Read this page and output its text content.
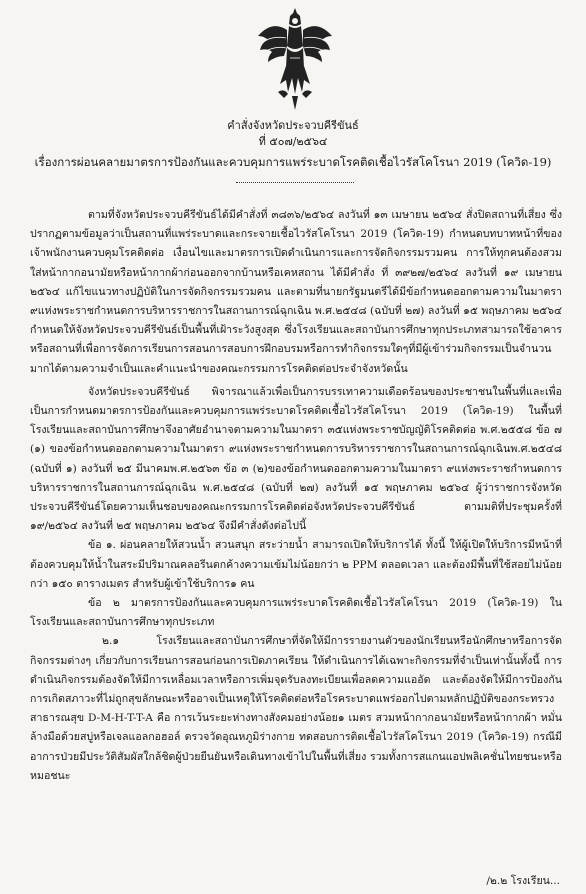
คำสั่งจังหวัดประจวบคีรีขันธ์
ที่ ๕๐๗/๒๕๖๔
เรื่องการผ่อนคลายมาตรการป้องกันและควบคุมการแพร่ระบาดโรคติดเชื้อไวรัสโคโรนา 2019 (โควิด-19)

ตามที่จังหวัดประจวบคีรีขันธ์ได้มีคำสั่งที่ ๓๘๓๖/๒๕๖๔ ลงวันที่ ๑๓ เมษายน ๒๕๖๔ สั่งปิดสถานที่เสี่ยง ซึ่งปรากฏตามข้อมูลว่าเป็นสถานที่แพร่ระบาดและกระจายเชื้อไวรัสโคโรนา 2019 (โควิด-19) กำหนดบทบาทหน้าที่ของเจ้าพนักงานควบคุมโรคติดต่อ เงื่อนไขและมาตรการเปิดดำเนินการและการจัดกิจกรรมรวมคน การให้ทุกคนต้องสวมใส่หน้ากากอนามัยหรือหน้ากากผ้าก่อนออกจากบ้านหรือเคหสถาน ได้มีคำสั่ง ที่ ๓๙๒๗/๒๕๖๔ ลงวันที่ ๑๙ เมษายน ๒๕๖๔ แก้ไขแนวทางปฏิบัติในการจัดกิจกรรมรวมคน และตามที่นายกรัฐมนตรีได้มีข้อกำหนดออกตามความในมาตรา ๙แห่งพระราชกำหนดการบริหารราชการในสถานการณ์ฉุกเฉิน พ.ศ.๒๕๔๘ (ฉบับที่ ๒๗) ลงวันที่ ๑๕ พฤษภาคม ๒๕๖๔ กำหนดให้จังหวัดประจวบคีรีขันธ์เป็นพื้นที่เฝ้าระวังสูงสุด ซึ่งโรงเรียนและสถาบันการศึกษาทุกประเภทสามารถใช้อาคารหรือสถานที่เพื่อการจัดการเรียนการสอนการสอบการฝึกอบรมหรือการทำกิจกรรมใดๆที่มีผู้เข้าร่วมกิจกรรมเป็นจำนวนมากได้ตามความจำเป็นและคำแนะนำของคณะกรรมการโรคติดต่อประจำจังหวัดนั้น

จังหวัดประจวบคีรีขันธ์ พิจารณาแล้วเพื่อเป็นการบรรเทาความเดือดร้อนของประชาชนในพื้นที่และเพื่อเป็นการกำหนดมาตรการป้องกันและควบคุมการแพร่ระบาดโรคติดเชื้อไวรัสโคโรนา 2019 (โควิด-19) ในพื้นที่โรงเรียนและสถาบันการศึกษาจึงอาศัยอำนาจตามความในมาตรา ๓๕แห่งพระราชบัญญัติโรคติดต่อ พ.ศ.๒๕๕๘ ข้อ ๗ (๑) ของข้อกำหนดออกตามความในมาตรา ๙แห่งพระราชกำหนดการบริหารราชการในสถานการณ์ฉุกเฉินพ.ศ.๒๕๔๘ (ฉบับที่ ๑) ลงวันที่ ๒๕ มีนาคมพ.ศ.๒๕๖๓ ข้อ ๓ (๒)ของข้อกำหนดออกตามความในมาตรา ๙แห่งพระราชกำหนดการบริหารราชการในสถานการณ์ฉุกเฉิน พ.ศ.๒๕๔๘ (ฉบับที่ ๒๗) ลงวันที่ ๑๕ พฤษภาคม ๒๕๖๔ ผู้ว่าราชการจังหวัดประจวบคีรีขันธ์โดยความเห็นชอบของคณะกรรมการโรคติดต่อจังหวัดประจวบคีรีขันธ์ ตามมติที่ประชุมครั้งที่ ๑๙/๒๕๖๔ ลงวันที่ ๒๕ พฤษภาคม ๒๕๖๔ จึงมีคำสั่งดังต่อไปนี้

ข้อ ๑. ผ่อนคลายให้สวนน้ำ สวนสนุก สระว่ายน้ำ สามารถเปิดให้บริการได้ ทั้งนี้ ให้ผู้เปิดให้บริการมีหน้าที่ต้องควบคุมให้น้ำในสระมีปริมาณคลอรีนตกค้างความเข้มไม่น้อยกว่า ๒ PPM ตลอดเวลา และต้องมีพื้นที่ใช้สอยไม่น้อยกว่า ๑๕๐ ตารางเมตร สำหรับผู้เข้าใช้บริการ๑ คน

ข้อ ๒ มาตรการป้องกันและควบคุมการแพร่ระบาดโรคติดเชื้อไวรัสโคโรนา 2019 (โควิด-19) ในโรงเรียนและสถาบันการศึกษาทุกประเภท

๒.๑ โรงเรียนและสถาบันการศึกษาที่จัดให้มีการรายงานตัวของนักเรียนหรือนักศึกษาหรือการจัดกิจกรรมต่างๆ เกี่ยวกับการเรียนการสอนก่อนการเปิดภาคเรียน ให้ดำเนินการได้เฉพาะกิจกรรมที่จำเป็นเท่านั้นทั้งนี้ การดำเนินกิจกรรมต้องจัดให้มีการเหลื่อมเวลาหรือการเพิ่มจุดรับลงทะเบียนเพื่อลดความแออัด และต้องจัดให้มีการป้องกันการเกิดสภาวะที่ไม่ถูกสุขลักษณะหรืออาจเป็นเหตุให้โรคติดต่อหรือโรคระบาดแพร่ออกไปตามหลักปฏิบัติของกระทรวงสาธารณสุข D-M-H-T-T-A คือ การเว้นระยะห่างทางสังคมอย่างน้อย๑ เมตร สวมหน้ากากอนามัยหรือหน้ากากผ้า หมั่นล้างมือด้วยสบู่หรือเจลแอลกอฮอล์ ตรวจวัดอุณหภูมิร่างกาย ทดสอบการติดเชื้อไวรัสโคโรนา 2019 (โควิด-19) กรณีมีอาการป่วยมีประวัติสัมผัสใกล้ชิดผู้ป่วยยืนยันหรือเดินทางเข้าไปในพื้นที่เสี่ยง รวมทั้งการสแกนแอปพลิเคชั่นไทยชนะหรือหมอชนะ

/๒.๒ โรงเรียน...
